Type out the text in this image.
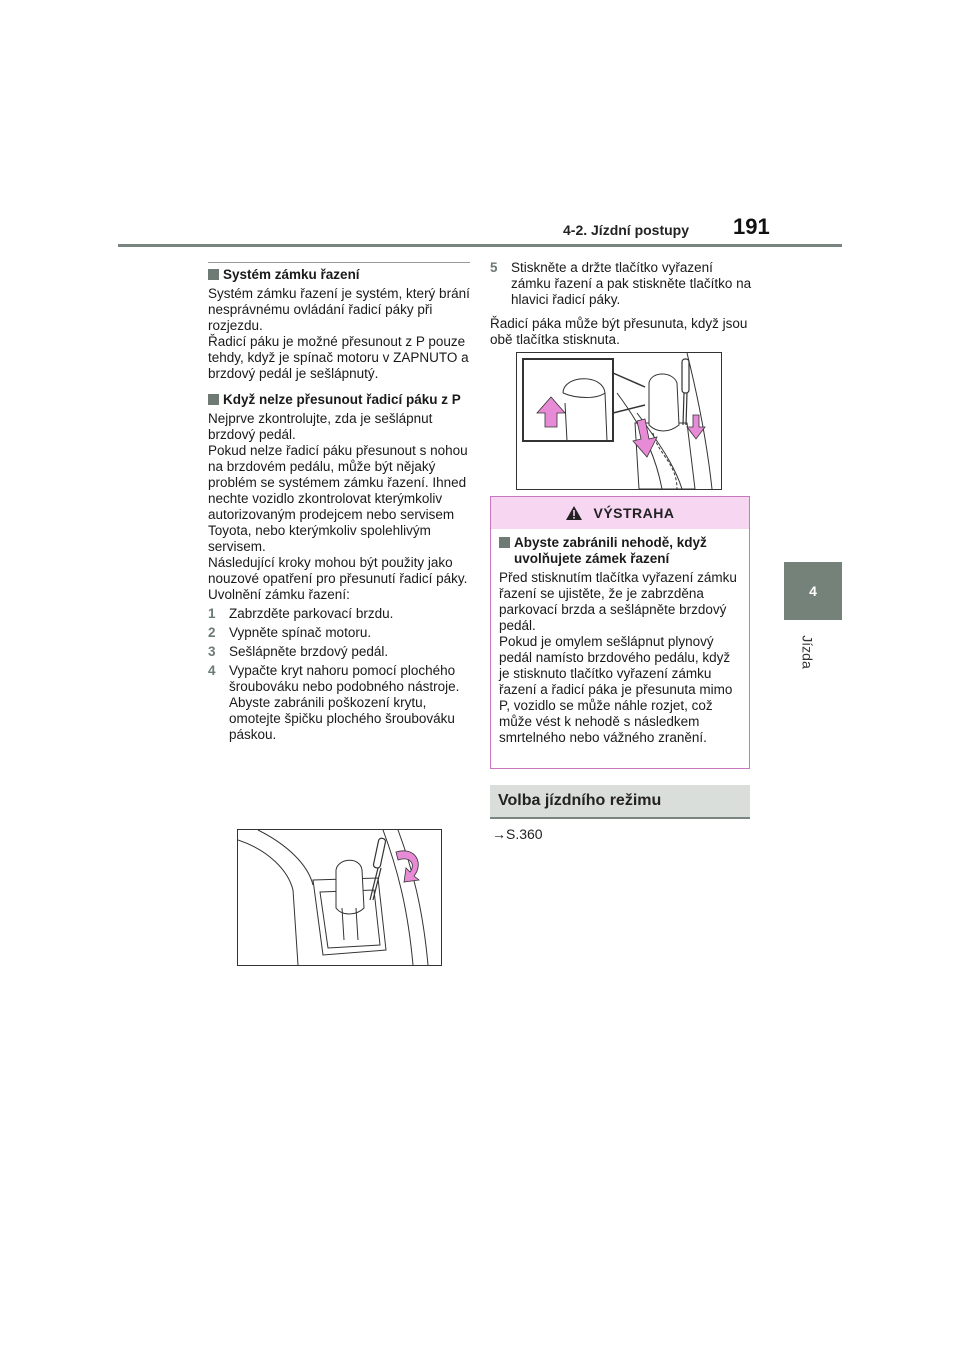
4-2. Jízdní postupy 191
4
Jízda
Systém zámku řazení

Systém zámku řazení je systém, který brání nesprávnému ovládání řadicí páky při rozjezdu.

Řadicí páku je možné přesunout z P pouze tehdy, když je spínač motoru v ZAPNUTO a brzdový pedál je sešlápnutý.

Když nelze přesunout řadicí páku z P

Nejprve zkontrolujte, zda je sešlápnut brzdový pedál.

Pokud nelze řadicí páku přesunout s nohou na brzdovém pedálu, může být nějaký problém se systémem zámku řazení. Ihned nechte vozidlo zkontrolovat kterýmkoliv autorizovaným prodejcem nebo servisem Toyota, nebo kterýmkoliv spolehlivým servisem.

Následující kroky mohou být použity jako nouzové opatření pro přesunutí řadicí páky.

Uvolnění zámku řazení:

1 Zabrzděte parkovací brzdu.
2 Vypněte spínač motoru.
3 Sešlápněte brzdový pedál.
4 Vypačte kryt nahoru pomocí plochého šroubováku nebo podobného nástroje.
Abyste zabránili poškození krytu, omotejte špičku plochého šroubováku páskou.
5 Stiskněte a držte tlačítko vyřazení zámku řazení a pak stiskněte tlačítko na hlavici řadicí páky.

Řadicí páka může být přesunuta, když jsou obě tlačítka stisknuta.

VÝSTRAHA
Abyste zabránili nehodě, když uvolňujete zámek řazení

Před stisknutím tlačítka vyřazení zámku řazení se ujistěte, že je zabrzděna parkovací brzda a sešlápněte brzdový pedál.

Pokud je omylem sešlápnut plynový pedál namísto brzdového pedálu, když je stisknuto tlačítko vyřazení zámku řazení a řadicí páka je přesunuta mimo P, vozidlo se může náhle rozjet, což může vést k nehodě s následkem smrtelného nebo vážného zranění.

Volba jízdního režimu
→S.360
